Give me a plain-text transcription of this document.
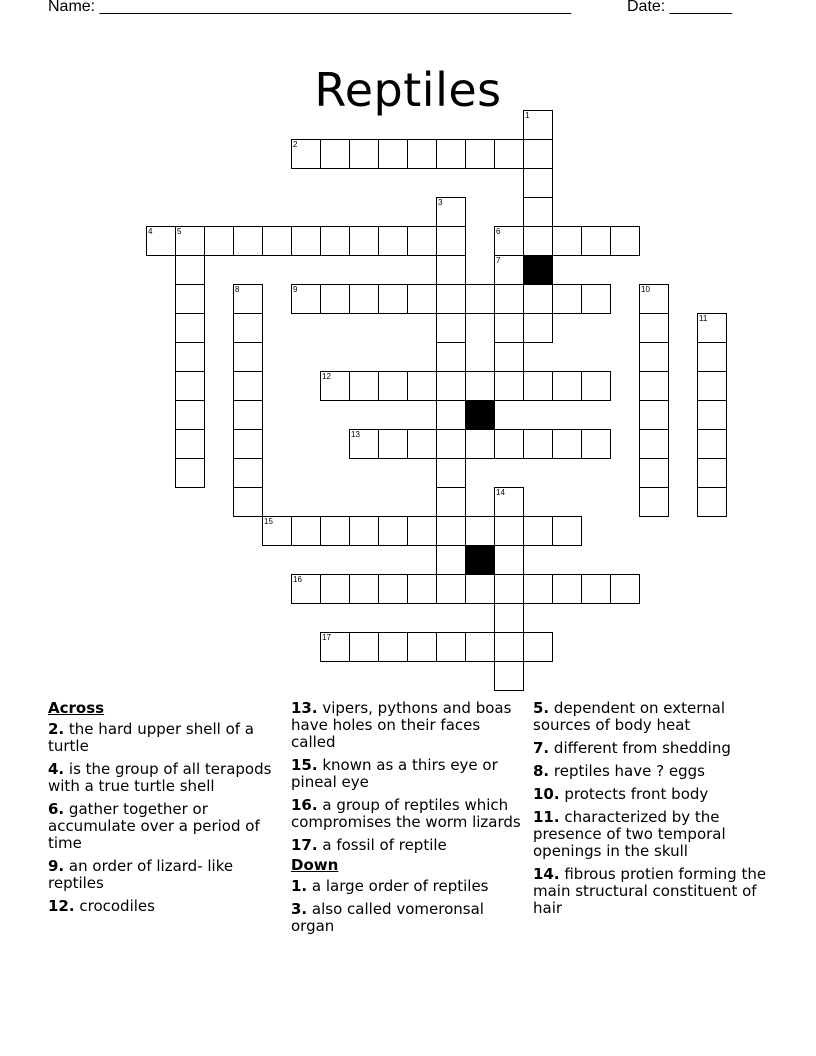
Name: _____________________________________________________	Date: _______
Reptiles	1
2
3
4	5	6
7
8	9	10
11
12
13
14
15
16
17
Across
2. the hard upper shell of a turtle
4. is the group of all terapods with a true turtle shell
6. gather together or accumulate over a period of time
9. an order of lizard- like reptiles
12. crocodiles
13. vipers, pythons and boas have holes on their faces called
15. known as a thirs eye or pineal eye
16. a group of reptiles which compromises the worm lizards
17. a fossil of reptile
Down
1. a large order of reptiles
3. also called vomeronsal organ
5. dependent on external sources of body heat
7. different from shedding
8. reptiles have ? eggs
10. protects front body
11. characterized by the presence of two temporal openings in the skull
14. fibrous protien forming the main structural constituent of hair
